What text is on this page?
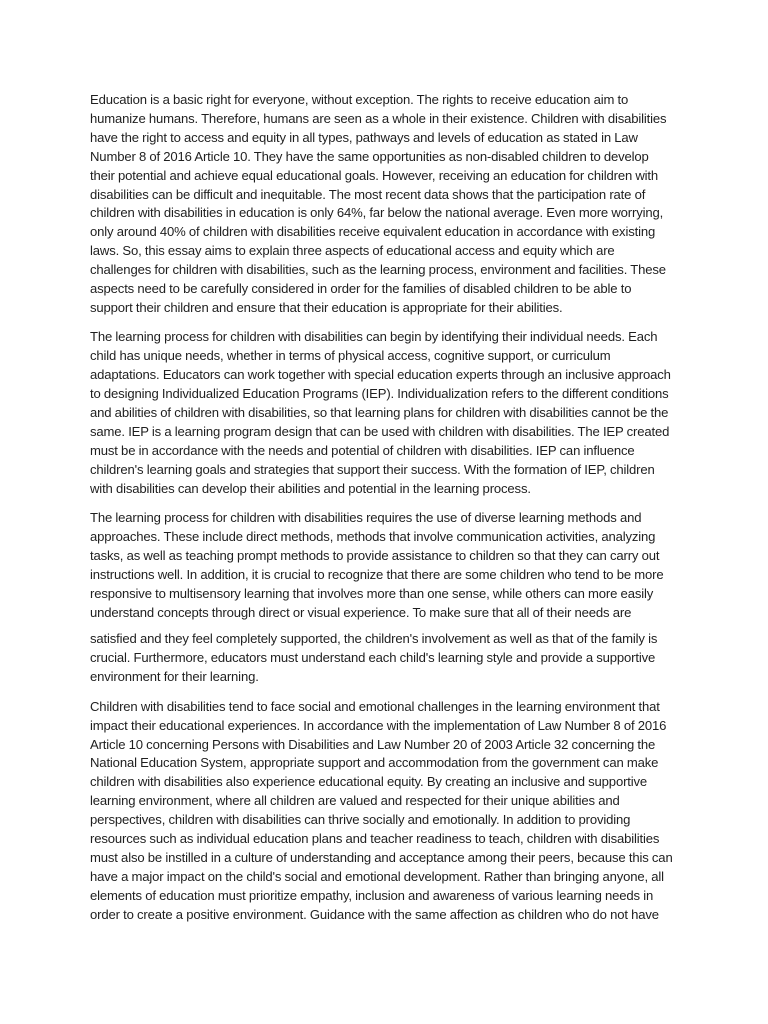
Education is a basic right for everyone, without exception. The rights to receive education aim to humanize humans. Therefore, humans are seen as a whole in their existence. Children with disabilities have the right to access and equity in all types, pathways and levels of education as stated in Law Number 8 of 2016 Article 10. They have the same opportunities as non-disabled children to develop their potential and achieve equal educational goals. However, receiving an education for children with disabilities can be difficult and inequitable. The most recent data shows that the participation rate of children with disabilities in education is only 64%, far below the national average. Even more worrying, only around 40% of children with disabilities receive equivalent education in accordance with existing laws. So, this essay aims to explain three aspects of educational access and equity which are challenges for children with disabilities, such as the learning process, environment and facilities. These aspects need to be carefully considered in order for the families of disabled children to be able to support their children and ensure that their education is appropriate for their abilities.

The learning process for children with disabilities can begin by identifying their individual needs. Each child has unique needs, whether in terms of physical access, cognitive support, or curriculum adaptations. Educators can work together with special education experts through an inclusive approach to designing Individualized Education Programs (IEP). Individualization refers to the different conditions and abilities of children with disabilities, so that learning plans for children with disabilities cannot be the same. IEP is a learning program design that can be used with children with disabilities. The IEP created must be in accordance with the needs and potential of children with disabilities. IEP can influence children's learning goals and strategies that support their success. With the formation of IEP, children with disabilities can develop their abilities and potential in the learning process.

The learning process for children with disabilities requires the use of diverse learning methods and approaches. These include direct methods, methods that involve communication activities, analyzing tasks, as well as teaching prompt methods to provide assistance to children so that they can carry out instructions well. In addition, it is crucial to recognize that there are some children who tend to be more responsive to multisensory learning that involves more than one sense, while others can more easily understand concepts through direct or visual experience. To make sure that all of their needs are

satisfied and they feel completely supported, the children's involvement as well as that of the family is crucial. Furthermore, educators must understand each child's learning style and provide a supportive environment for their learning.

Children with disabilities tend to face social and emotional challenges in the learning environment that impact their educational experiences. In accordance with the implementation of Law Number 8 of 2016 Article 10 concerning Persons with Disabilities and Law Number 20 of 2003 Article 32 concerning the National Education System, appropriate support and accommodation from the government can make children with disabilities also experience educational equity. By creating an inclusive and supportive learning environment, where all children are valued and respected for their unique abilities and perspectives, children with disabilities can thrive socially and emotionally. In addition to providing resources such as individual education plans and teacher readiness to teach, children with disabilities must also be instilled in a culture of understanding and acceptance among their peers, because this can have a major impact on the child's social and emotional development. Rather than bringing anyone, all elements of education must prioritize empathy, inclusion and awareness of various learning needs in order to create a positive environment. Guidance with the same affection as children who do not have
